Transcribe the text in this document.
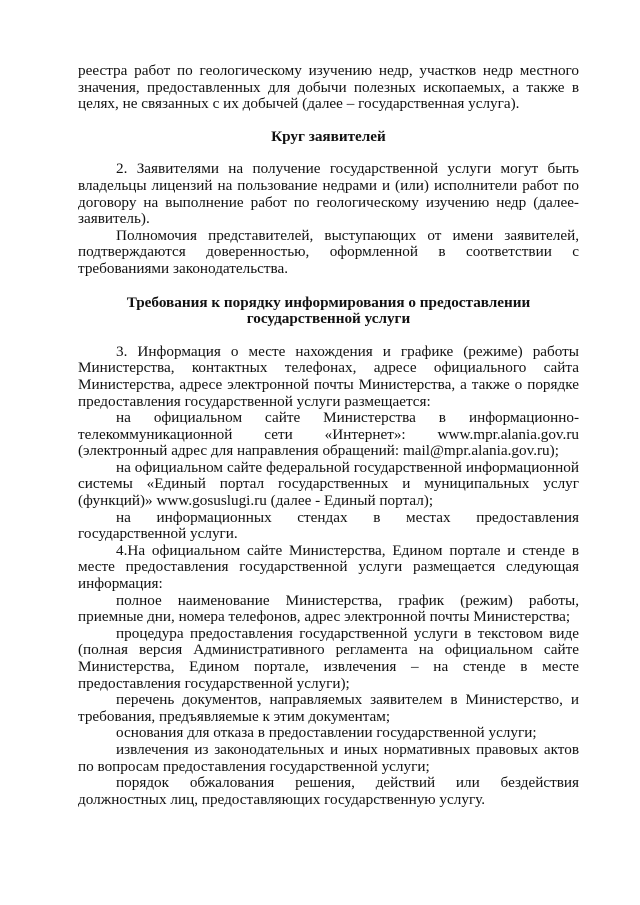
реестра работ по геологическому изучению недр, участков недр местного значения, предоставленных для добычи полезных ископаемых, а также в целях, не связанных с их добычей (далее – государственная услуга).

Круг заявителей

2. Заявителями на получение государственной услуги могут быть владельцы лицензий на пользование недрами и (или) исполнители работ по договору на выполнение работ по геологическому изучению недр (далее- заявитель).

Полномочия представителей, выступающих от имени заявителей, подтверждаются доверенностью, оформленной в соответствии с требованиями законодательства.

Требования к порядку информирования о предоставлении
государственной услуги

3. Информация о месте нахождения и графике (режиме) работы Министерства, контактных телефонах, адресе официального сайта Министерства, адресе электронной почты Министерства, а также о порядке предоставления государственной услуги размещается:

на официальном сайте Министерства в информационно-телекоммуникационной сети «Интернет»: www.mpr.alania.gov.ru (электронный адрес для направления обращений: mail@mpr.alania.gov.ru);

на официальном сайте федеральной государственной информационной системы «Единый портал государственных и муниципальных услуг (функций)» www.gosuslugi.ru (далее - Единый портал);

на информационных стендах в местах предоставления государственной услуги.

4.На официальном сайте Министерства, Едином портале и стенде в месте предоставления государственной услуги размещается следующая информация:

полное наименование Министерства, график (режим) работы, приемные дни, номера телефонов, адрес электронной почты Министерства;

процедура предоставления государственной услуги в текстовом виде (полная версия Административного регламента на официальном сайте Министерства, Едином портале, извлечения – на стенде в месте предоставления государственной услуги);

перечень документов, направляемых заявителем в Министерство, и требования, предъявляемые к этим документам;

основания для отказа в предоставлении государственной услуги;

извлечения из законодательных и иных нормативных правовых актов по вопросам предоставления государственной услуги;

порядок обжалования решения, действий или бездействия должностных лиц, предоставляющих государственную услугу.
